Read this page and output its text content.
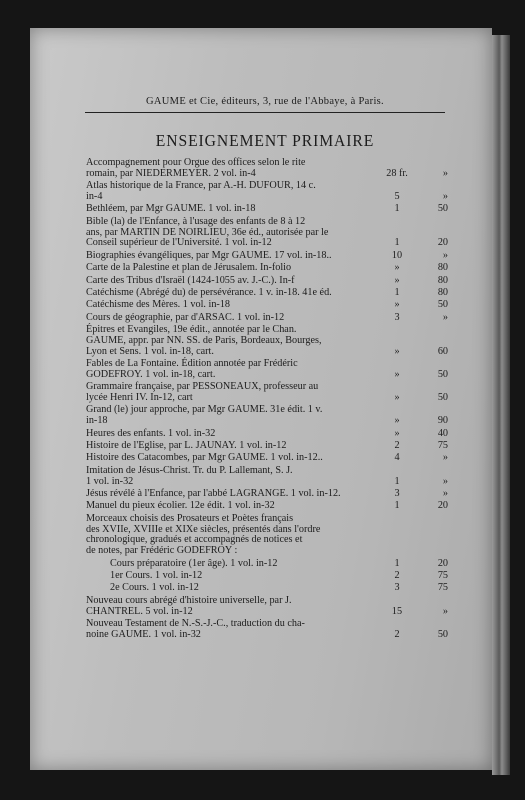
GAUME et Cie, éditeurs, 3, rue de l'Abbaye, à Paris.
ENSEIGNEMENT PRIMAIRE
Accompagnement pour Orgue des offices selon le rite
romain, par NIEDERMEYER. 2 vol. in-4	28 fr.	»
Atlas historique de la France, par A.-H. DUFOUR, 14 c.
in-4	5	»
Bethléem, par Mgr GAUME. 1 vol. in-18	1	50
Bible (la) de l'Enfance, à l'usage des enfants de 8 à 12
ans, par MARTIN DE NOIRLIEU, 36e éd., autorisée par le
Conseil supérieur de l'Université. 1 vol. in-12	1	20
Biographies évangéliques, par Mgr GAUME. 17 vol. in-18..	10	»
Carte de la Palestine et plan de Jérusalem. In-folio	»	80
Carte des Tribus d'Israël (1424-1055 av. J.-C.). In-f	»	80
Catéchisme (Abrégé du) de persévérance. 1 v. in-18. 41e éd.	1	80
Catéchisme des Mères. 1 vol. in-18	»	50
Cours de géographie, par d'ARSAC. 1 vol. in-12	3	»
Épitres et Evangiles, 19e édit., annotée par le Chan.
GAUME, appr. par NN. SS. de Paris, Bordeaux, Bourges,
Lyon et Sens. 1 vol. in-18, cart.	»	60
Fables de La Fontaine. Édition annotée par Frédéric
GODEFROY. 1 vol. in-18, cart.	»	50
Grammaire française, par PESSONEAUX, professeur au
lycée Henri IV. In-12, cart	»	50
Grand (le) jour approche, par Mgr GAUME. 31e édit. 1 v.
in-18	»	90
Heures des enfants. 1 vol. in-32	»	40
Histoire de l'Eglise, par L. JAUNAY. 1 vol. in-12	2	75
Histoire des Catacombes, par Mgr GAUME. 1 vol. in-12..	4	»
Imitation de Jésus-Christ. Tr. du P. Lallemant, S. J.
1 vol. in-32	1	»
Jésus révélé à l'Enfance, par l'abbé LAGRANGE. 1 vol. in-12.	3	»
Manuel du pieux écolier. 12e édit. 1 vol. in-32	1	20
Morceaux choisis des Prosateurs et Poètes français
des XVIIe, XVIIIe et XIXe siècles, présentés dans l'ordre
chronologique, gradués et accompagnés de notices et
de notes, par Frédéric GODEFROY :
Cours préparatoire (1er âge). 1 vol. in-12	1	20
1er Cours. 1 vol. in-12	2	75
2e Cours. 1 vol. in-12	3	75
Nouveau cours abrégé d'histoire universelle, par J.
CHANTREL. 5 vol. in-12	15	»
Nouveau Testament de N.-S.-J.-C., traduction du cha-
noine GAUME. 1 vol. in-32	2	50
